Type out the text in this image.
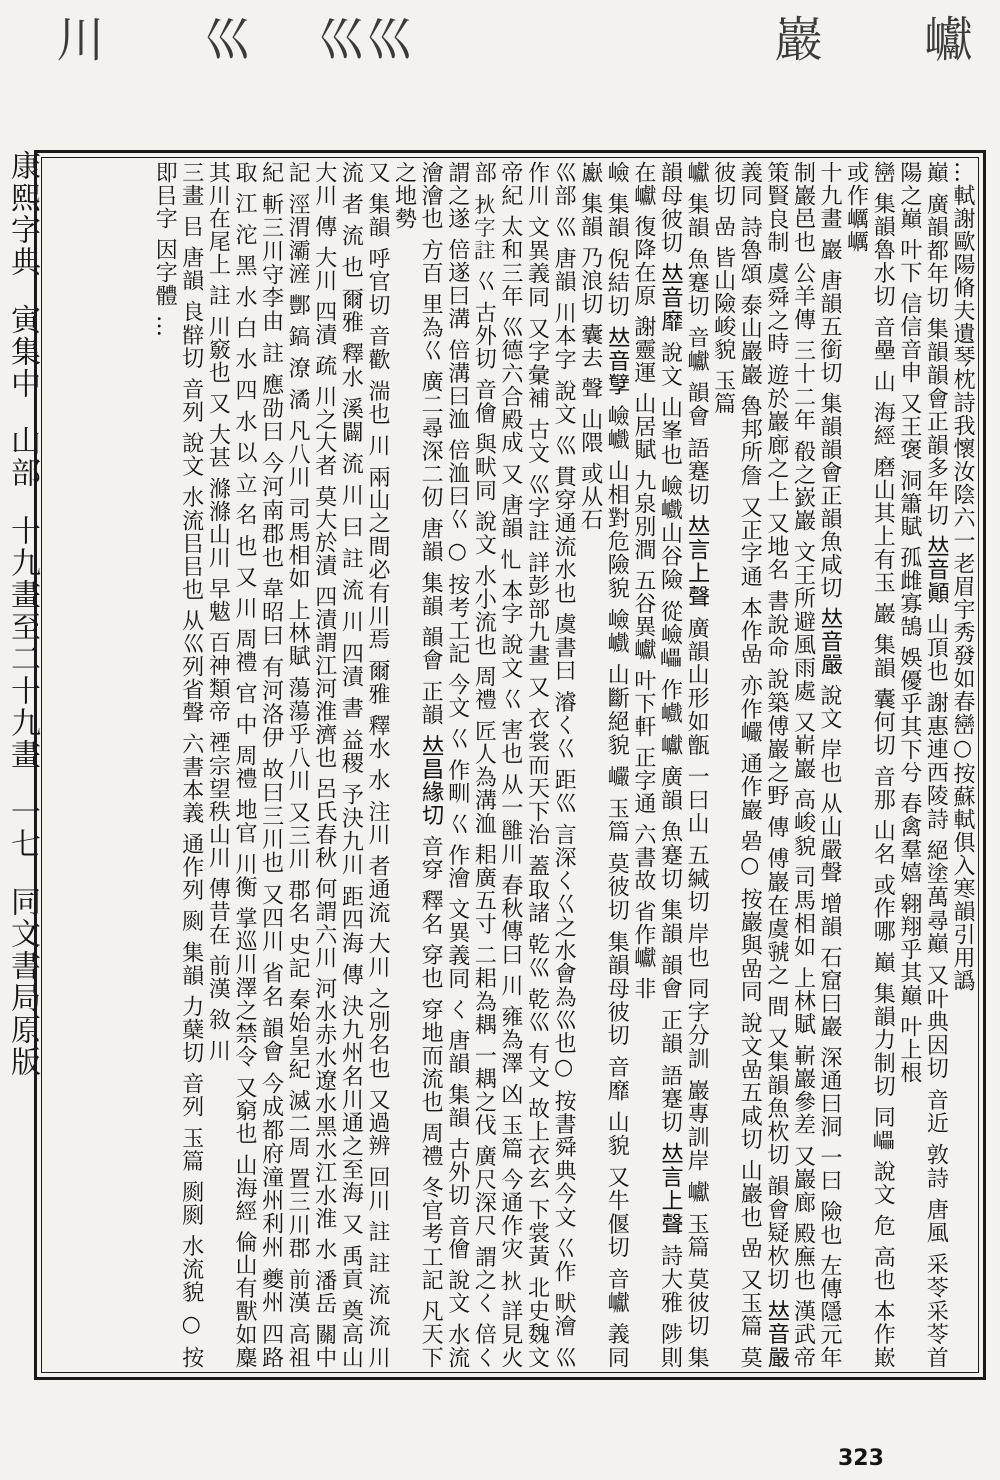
川 巛 巛
巛	巖 巘
康熙字典 寅集中 山部 十九畫至二十九畫 一七 同文書局原版	…軾謝歐陽脩夫遺琴枕詩我懷汝陰六一老眉宇秀發如春巒○按蘇軾俱入寒韻引用譌

巔 廣韻都年切 集韻韻會正韻多年切 𠀤音顚 山頂也 謝惠連西陵詩 絕塗萬尋巔 又叶典因切 音近 敦詩 唐風 采苓采苓首陽之巔 叶下 信信音申 又王褒 洞簫賦 孤雌寡鵠 娛優乎其下兮 春禽羣嬉 翱翔乎其巔 叶上根

巒 集韻魯水切 音壘 山 海經 磨山其上有玉 巖 集韻 囊何切 音那 山名 或作哪 巔 集韻力制切 同𡾊 說文 危 高也 本作㠌 或作巁巁

十九畫 巖 唐韻五銜切 集韻韻會正韻魚咸切 𠀤音嚴 說文 岸也 从山嚴聲 增韻 石窟曰巖 深通曰洞 一曰 險也 左傳隱元年 制巖邑也 公羊傳 三十二年 殽之嶔巖 文王所避風雨處 又嶄巖 高峻貌 司馬相如 上林賦 嶄巖參差 又巖廊 殿廡也 漢武帝 策賢良制 虞舜之時 遊於巖廊之上 又地名 書說命 說築傅巖之野 傳 傅巖在虞虢之 間 又集韻魚杴切 韻會疑杴切 𠀤音嚴 義同 詩魯頌 泰山巖巖 魯邦所詹 又正字通 本作嵒 亦作巗 通作巖 碞○ 按巖與嵒同 說文嵒五咸切 山巖也 嵒 又玉篇 莫彼切 嵒 皆山險峻貌 玉篇

巘 集韻 魚蹇切 音巘 韻會 語蹇切 𠀤言上聲 廣韻山形如甑 一曰山 五緘切 岸也 同字分訓 巖專訓岸 巘 玉篇 莫彼切 集韻母彼切 𠀤音靡 說文 山峯也 嶮巇山谷險 從嶮𡾊 作巇 巘 廣韻 魚蹇切 集韻 韻會 正韻 語蹇切 𠀤言上聲 詩大雅 陟則在巘 復降在原 謝靈運 山居賦 九泉別澗 五谷異巘 叶下軒 正字通 六書故 省作巘 非

嶮 集韻 倪結切 𠀤音孼 嶮巇 山相對危險貌 嶮巇 山斷絕貌 巗 玉篇 莫彼切 集韻母彼切 音靡 山貌 又牛偃切 音巘 義同 巚 集韻 乃浪切 囊去 聲 山隈 或从石

巛部 巛 唐韻 川本字 說文 巛 貫穿通流水也 虞書曰 濬く巜 距巛 言深く巜之水會為巛也○ 按書舜典今文 巜作 畎澮 巛作川 文異義同 又字彙補 古文 巛字註 詳彭部九畫 又 衣裳而天下治 蓋取諸 乾巛 乾巛 有文 故上衣玄 下裳黃 北史魏文帝紀 太和三年 巛德六合殿成 又 唐韻 𢖪 本字 說文 巜 害也 从一雝川 春秋傳曰 川 雍為澤 凶 玉篇 今通作灾 𤆎 詳見火部 𤆎字註 巜 古外切 音儈 與畎同 說文 水小流也 周禮 匠人為溝洫 耜廣五寸 二耜為耦 一耦之伐 廣尺深尺 謂之く 倍く謂之遂 倍遂曰溝 倍溝曰洫 倍洫曰巜 ○ 按考工記 今文 巜 作甽 巜 作澮 文異義同 く 唐韻 集韻 古外切 音儈 說文 水流澮澮也 方百 里為巜 廣二尋深二仞 唐韻 集韻 韻會 正韻 𠀤昌緣切 音穿 釋名 穿也 穿地而流也 周禮 冬官考工記 凡天下之地勢

又 集韻 呼官切 音歡 湍也 川 兩山之間必有川焉 爾雅 釋水 水 注川 者通流 大川 之別名也 又過辨 回川 註 註 流 流 川 流 者 流 也 爾雅 釋水 溪闢 流 川 曰 註 流 川 四漬 書 益稷 予決九川 距四海 傳 決九州名川通之至海 又 禹貢 奠高山大川 傳 大川 四漬 疏 川之大者 莫大於漬 四漬謂江河淮濟也 呂氏春秋 何謂六川 河水赤水遼水黑水江水淮 水 潘岳 關中記 涇渭灞滻 酆 鎬 潦 潏 凡八川 司馬相如 上林賦 蕩蕩乎八川 又三川 郡名 史記 秦始皇紀 滅二周 置三川郡 前漢 高祖紀 斬三川守李由 註 應劭曰 今河南郡也 韋昭曰 有河洛伊 故曰三川也 又四川 省名 韻會 今成都府潼州利州 夔州 四路 取 江 沱 黑 水 白 水 四 水 以 立 名 也 又 川 周禮 官 中 周禮 地官 川衡 掌巡川澤之禁令 又窮也 山海經 倫山有獸如麋 其川在尾上 註 川竅也 又 大甚 滌滌山川 早魃 百神類帝 禋宗望秩山川 傳昔在 前漢 敘 川

三畫 㠯 唐韻 良辥切 音列 說文 水流㠯㠯也 从巛列省聲 六書本義 通作列 㓹 集韻 力蘖切 音列 玉篇 㓹㓹 水流貌 ○ 按 即㠯字 因字體 …

323
